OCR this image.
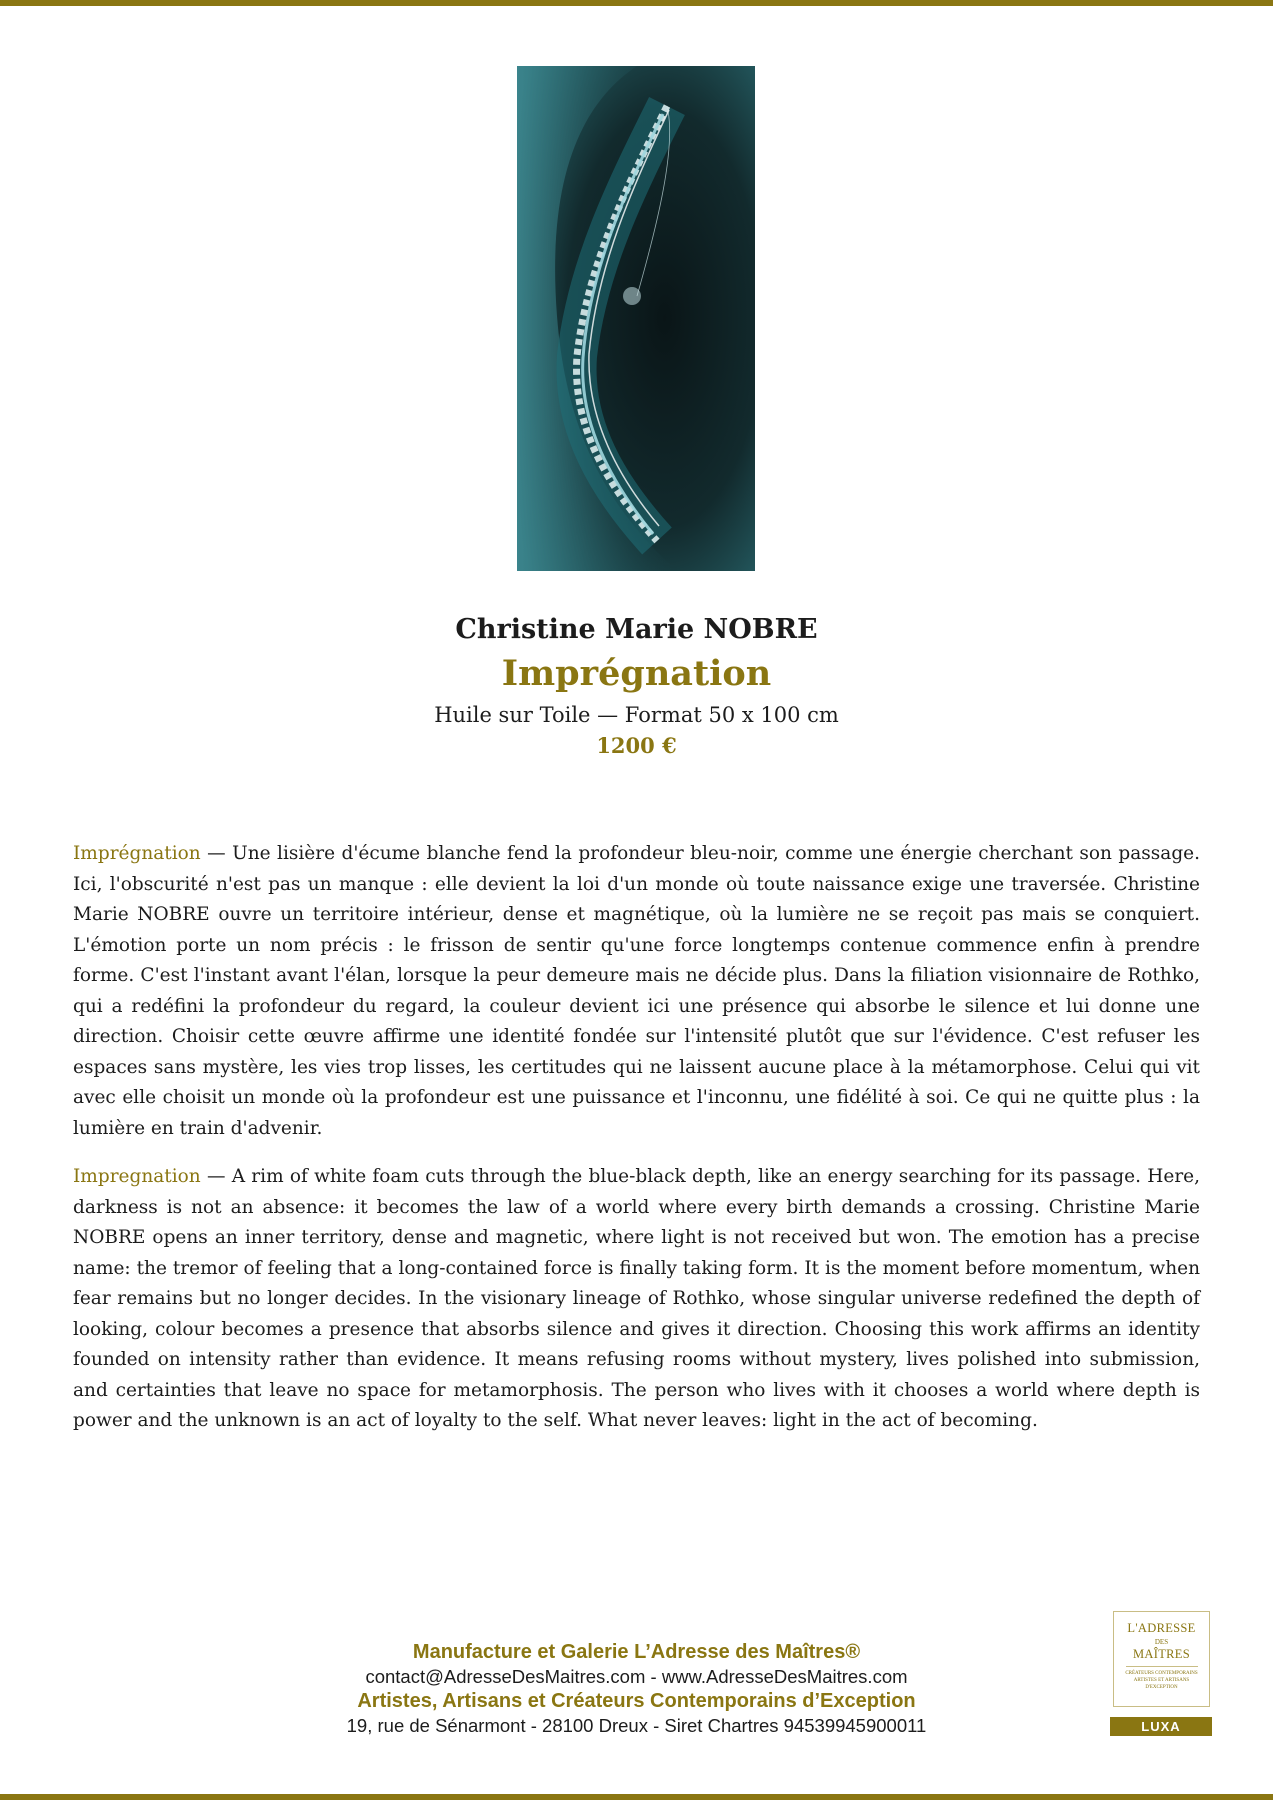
Christine Marie NOBRE
Imprégnation
Huile sur Toile — Format 50 x 100 cm
1200 €

Imprégnation — Une lisière d'écume blanche fend la profondeur bleu-noir, comme une énergie cherchant son passage. Ici, l'obscurité n'est pas un manque : elle devient la loi d'un monde où toute naissance exige une traversée. Christine Marie NOBRE ouvre un territoire intérieur, dense et magnétique, où la lumière ne se reçoit pas mais se conquiert. L'émotion porte un nom précis : le frisson de sentir qu'une force longtemps contenue commence enfin à prendre forme. C'est l'instant avant l'élan, lorsque la peur demeure mais ne décide plus. Dans la filiation visionnaire de Rothko, qui a redéfini la profondeur du regard, la couleur devient ici une présence qui absorbe le silence et lui donne une direction. Choisir cette œuvre affirme une identité fondée sur l'intensité plutôt que sur l'évidence. C'est refuser les espaces sans mystère, les vies trop lisses, les certitudes qui ne laissent aucune place à la métamorphose. Celui qui vit avec elle choisit un monde où la profondeur est une puissance et l'inconnu, une fidélité à soi. Ce qui ne quitte plus : la lumière en train d'advenir.

Impregnation — A rim of white foam cuts through the blue-black depth, like an energy searching for its passage. Here, darkness is not an absence: it becomes the law of a world where every birth demands a crossing. Christine Marie NOBRE opens an inner territory, dense and magnetic, where light is not received but won. The emotion has a precise name: the tremor of feeling that a long-contained force is finally taking form. It is the moment before momentum, when fear remains but no longer decides. In the visionary lineage of Rothko, whose singular universe redefined the depth of looking, colour becomes a presence that absorbs silence and gives it direction. Choosing this work affirms an identity founded on intensity rather than evidence. It means refusing rooms without mystery, lives polished into submission, and certainties that leave no space for metamorphosis. The person who lives with it chooses a world where depth is power and the unknown is an act of loyalty to the self. What never leaves: light in the act of becoming.

Manufacture et Galerie L’Adresse des Maîtres®
contact@AdresseDesMaitres.com - www.AdresseDesMaitres.com
Artistes, Artisans et Créateurs Contemporains d’Exception
19, rue de Sénarmont - 28100 Dreux - Siret Chartres 94539945900011
L'ADRESSE
DES
MAÎTRES
CRÉATEURS CONTEMPORAINS ARTISTES ET ARTISANS D'EXCEPTION
LUXA
